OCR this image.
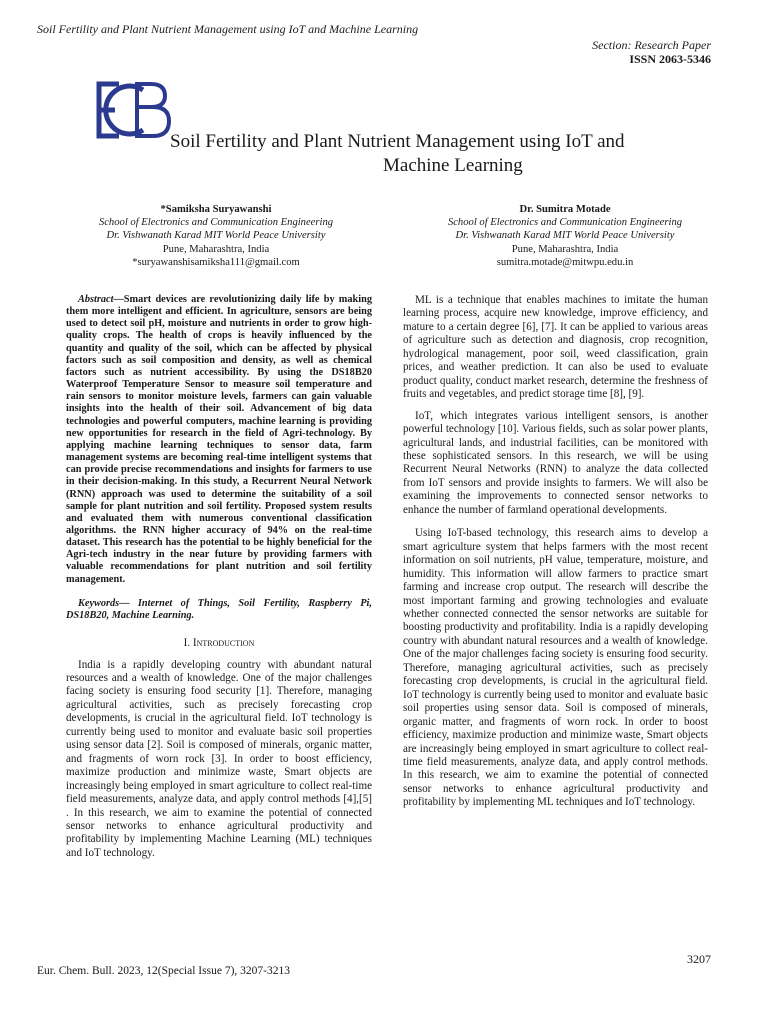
Soil Fertility and Plant Nutrient Management using IoT and Machine Learning
Section: Research Paper
ISSN 2063-5346
Soil Fertility and Plant Nutrient Management using IoT and
Machine Learning
*Samiksha Suryawanshi
School of Electronics and Communication Engineering
Dr. Vishwanath Karad MIT World Peace University
Pune, Maharashtra, India
*suryawanshisamiksha111@gmail.com
Dr. Sumitra Motade
School of Electronics and Communication Engineering
Dr. Vishwanath Karad MIT World Peace University
Pune, Maharashtra, India
sumitra.motade@mitwpu.edu.in

Abstract—Smart devices are revolutionizing daily life by making them more intelligent and efficient. In agriculture, sensors are being used to detect soil pH, moisture and nutrients in order to grow high-quality crops. The health of crops is heavily influenced by the quantity and quality of the soil, which can be affected by physical factors such as soil composition and density, as well as chemical factors such as nutrient accessibility. By using the DS18B20 Waterproof Temperature Sensor to measure soil temperature and rain sensors to monitor moisture levels, farmers can gain valuable insights into the health of their soil. Advancement of big data technologies and powerful computers, machine learning is providing new opportunities for research in the field of Agri-technology. By applying machine learning techniques to sensor data, farm management systems are becoming real-time intelligent systems that can provide precise recommendations and insights for farmers to use in their decision-making. In this study, a Recurrent Neural Network (RNN) approach was used to determine the suitability of a soil sample for plant nutrition and soil fertility. Proposed system results and evaluated them with numerous conventional classification algorithms. the RNN higher accuracy of 94% on the real-time dataset. This research has the potential to be highly beneficial for the Agri-tech industry in the near future by providing farmers with valuable recommendations for plant nutrition and soil fertility management.

Keywords— Internet of Things, Soil Fertility, Raspberry Pi, DS18B20, Machine Learning.

I. Introduction

India is a rapidly developing country with abundant natural resources and a wealth of knowledge. One of the major challenges facing society is ensuring food security [1]. Therefore, managing agricultural activities, such as precisely forecasting crop developments, is crucial in the agricultural field. IoT technology is currently being used to monitor and evaluate basic soil properties using sensor data [2]. Soil is composed of minerals, organic matter, and fragments of worn rock [3]. In order to boost efficiency, maximize production and minimize waste, Smart objects are increasingly being employed in smart agriculture to collect real-time field measurements, analyze data, and apply control methods [4],[5] . In this research, we aim to examine the potential of connected sensor networks to enhance agricultural productivity and profitability by implementing Machine Learning (ML) techniques and IoT technology.

ML is a technique that enables machines to imitate the human learning process, acquire new knowledge, improve efficiency, and mature to a certain degree [6], [7]. It can be applied to various areas of agriculture such as detection and diagnosis, crop recognition, hydrological management, poor soil, weed classification, grain prices, and weather prediction. It can also be used to evaluate product quality, conduct market research, determine the freshness of fruits and vegetables, and predict storage time [8], [9].

IoT, which integrates various intelligent sensors, is another powerful technology [10]. Various fields, such as solar power plants, agricultural lands, and industrial facilities, can be monitored with these sophisticated sensors. In this research, we will be using Recurrent Neural Networks (RNN) to analyze the data collected from IoT sensors and provide insights to farmers. We will also be examining the improvements to connected sensor networks to enhance the number of farmland operational developments.

Using IoT-based technology, this research aims to develop a smart agriculture system that helps farmers with the most recent information on soil nutrients, pH value, temperature, moisture, and humidity. This information will allow farmers to practice smart farming and increase crop output. The research will describe the most important farming and growing technologies and evaluate whether connected connected the sensor networks are suitable for boosting productivity and profitability. India is a rapidly developing country with abundant natural resources and a wealth of knowledge. One of the major challenges facing society is ensuring food security. Therefore, managing agricultural activities, such as precisely forecasting crop developments, is crucial in the agricultural field. IoT technology is currently being used to monitor and evaluate basic soil properties using sensor data. Soil is composed of minerals, organic matter, and fragments of worn rock. In order to boost efficiency, maximize production and minimize waste, Smart objects are increasingly being employed in smart agriculture to collect real-time field measurements, analyze data, and apply control methods. In this research, we aim to examine the potential of connected sensor networks to enhance agricultural productivity and profitability by implementing ML techniques and IoT technology.

Eur. Chem. Bull. 2023, 12(Special Issue 7), 3207-3213
3207
